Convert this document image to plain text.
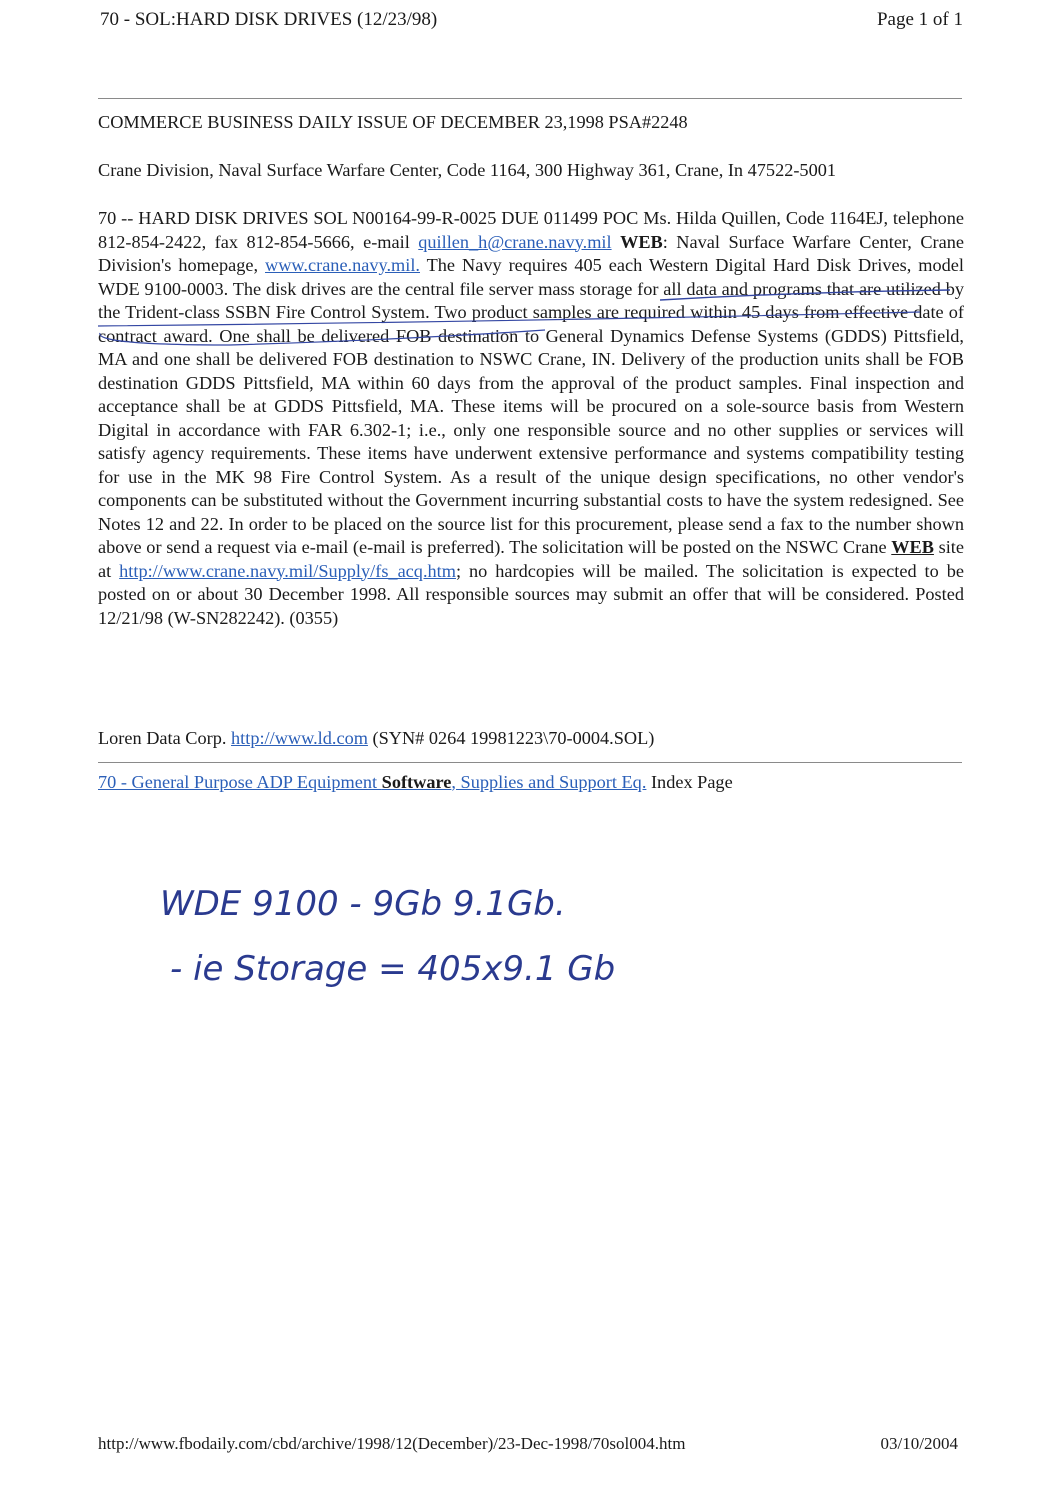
70 - SOL:HARD DISK DRIVES (12/23/98)	Page 1 of 1
COMMERCE BUSINESS DAILY ISSUE OF DECEMBER 23,1998 PSA#2248
Crane Division, Naval Surface Warfare Center, Code 1164, 300 Highway 361, Crane, In 47522-5001
70 -- HARD DISK DRIVES SOL N00164-99-R-0025 DUE 011499 POC Ms. Hilda Quillen, Code 1164EJ, telephone 812-854-2422, fax 812-854-5666, e-mail quillen_h@crane.navy.mil WEB: Naval Surface Warfare Center, Crane Division's homepage, www.crane.navy.mil. The Navy requires 405 each Western Digital Hard Disk Drives, model WDE 9100-0003. The disk drives are the central file server mass storage for all data and programs that are utilized by the Trident-class SSBN Fire Control System. Two product samples are required within 45 days from effective date of contract award. One shall be delivered FOB destination to General Dynamics Defense Systems (GDDS) Pittsfield, MA and one shall be delivered FOB destination to NSWC Crane, IN. Delivery of the production units shall be FOB destination GDDS Pittsfield, MA within 60 days from the approval of the product samples. Final inspection and acceptance shall be at GDDS Pittsfield, MA. These items will be procured on a sole-source basis from Western Digital in accordance with FAR 6.302-1; i.e., only one responsible source and no other supplies or services will satisfy agency requirements. These items have underwent extensive performance and systems compatibility testing for use in the MK 98 Fire Control System. As a result of the unique design specifications, no other vendor's components can be substituted without the Government incurring substantial costs to have the system redesigned. See Notes 12 and 22. In order to be placed on the source list for this procurement, please send a fax to the number shown above or send a request via e-mail (e-mail is preferred). The solicitation will be posted on the NSWC Crane WEB site at http://www.crane.navy.mil/Supply/fs_acq.htm; no hardcopies will be mailed. The solicitation is expected to be posted on or about 30 December 1998. All responsible sources may submit an offer that will be considered. Posted 12/21/98 (W-SN282242). (0355)
Loren Data Corp. http://www.ld.com (SYN# 0264 19981223\70-0004.SOL)
70 - General Purpose ADP Equipment Software, Supplies and Support Eq. Index Page
WDE 9100 - 9Gb 9.1Gb.
- ie Storage = 405x9.1 Gb
http://www.fbodaily.com/cbd/archive/1998/12(December)/23-Dec-1998/70sol004.htm	03/10/2004
